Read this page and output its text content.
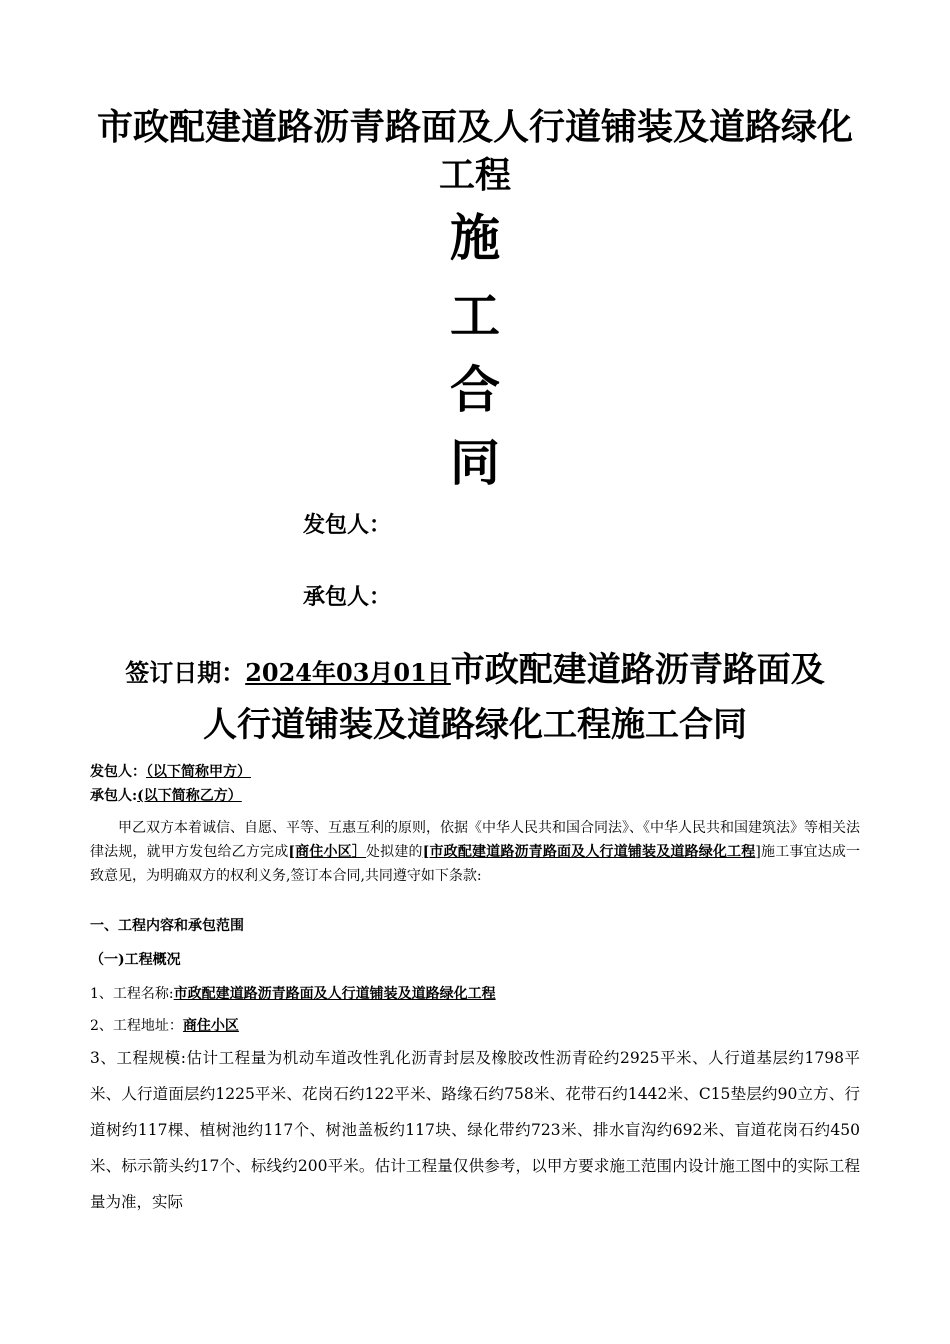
市政配建道路沥青路面及人行道铺装及道路绿化
工程
施
工
合
同
发包人：
承包人：
签订日期：2024年03月01日市政配建道路沥青路面及
人行道铺装及道路绿化工程施工合同
发包人：（以下简称甲方）
承包人:(以下简称乙方）
甲乙双方本着诚信、自愿、平等、互惠互利的原则，依据《中华人民共和国合同法》、《中华人民共和国建筑法》等相关法律法规，就甲方发包给乙方完成[商住小区］处拟建的[市政配建道路沥青路面及人行道铺装及道路绿化工程]施工事宜达成一致意见，为明确双方的权利义务,签订本合同,共同遵守如下条款:
一、工程内容和承包范围
（一)工程概况
1、工程名称:市政配建道路沥青路面及人行道铺装及道路绿化工程
2、工程地址：商住小区
3、工程规模:估计工程量为机动车道改性乳化沥青封层及橡胶改性沥青砼约2925平米、人行道基层约1798平米、人行道面层约1225平米、花岗石约122平米、路缘石约758米、花带石约1442米、C15垫层约90立方、行道树约117棵、植树池约117个、树池盖板约117块、绿化带约723米、排水盲沟约692米、盲道花岗石约450米、标示箭头约17个、标线约200平米。估计工程量仅供参考，以甲方要求施工范围内设计施工图中的实际工程量为准，实际
